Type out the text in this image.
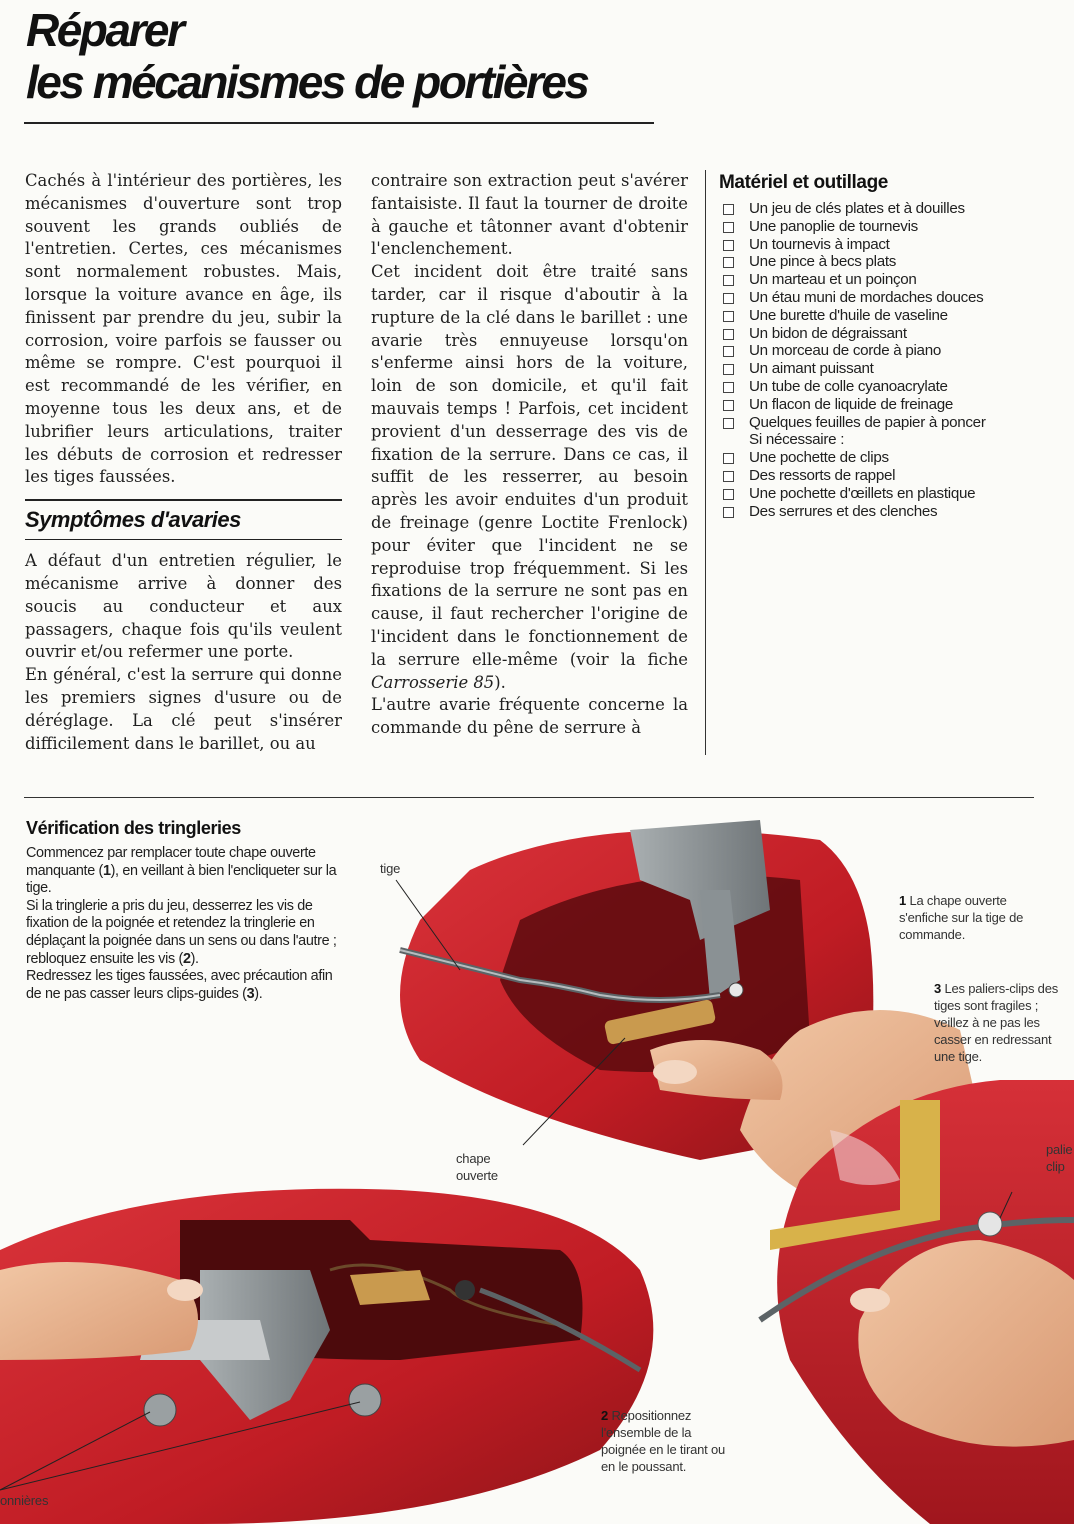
Réparer
les mécanismes de portières

Cachés à l'intérieur des portières, les mécanismes d'ouverture sont trop souvent les grands oubliés de l'entretien. Certes, ces mécanismes sont normalement robustes. Mais, lorsque la voiture avance en âge, ils finissent par prendre du jeu, subir la corrosion, voire parfois se fausser ou même se rompre. C'est pourquoi il est recommandé de les vérifier, en moyenne tous les deux ans, et de lubrifier leurs articulations, traiter les débuts de corrosion et redresser les tiges faussées.

Symptômes d'avaries

A défaut d'un entretien régulier, le mécanisme arrive à donner des soucis au conducteur et aux passagers, chaque fois qu'ils veulent ouvrir et/ou refermer une porte.

En général, c'est la serrure qui donne les premiers signes d'usure ou de déréglage. La clé peut s'insérer difficilement dans le barillet, ou au

contraire son extraction peut s'avérer fantaisiste. Il faut la tourner de droite à gauche et tâtonner avant d'obtenir l'enclenchement.

Cet incident doit être traité sans tarder, car il risque d'aboutir à la rupture de la clé dans le barillet : une avarie très ennuyeuse lorsqu'on s'enferme ainsi hors de la voiture, loin de son domicile, et qu'il fait mauvais temps ! Parfois, cet incident provient d'un desserrage des vis de fixation de la serrure. Dans ce cas, il suffit de les resserrer, au besoin après les avoir enduites d'un produit de freinage (genre Loctite Frenlock) pour éviter que l'incident ne se reproduise trop fréquemment. Si les fixations de la serrure ne sont pas en cause, il faut rechercher l'origine de l'incident dans le fonctionnement de la serrure elle-même (voir la fiche Carrosserie 85).

L'autre avarie fréquente concerne la commande du pêne de serrure à

Matériel et outillage
Un jeu de clés plates et à douilles
Une panoplie de tournevis
Un tournevis à impact
Une pince à becs plats
Un marteau et un poinçon
Un étau muni de mordaches douces
Une burette d'huile de vaseline
Un bidon de dégraissant
Un morceau de corde à piano
Un aimant puissant
Un tube de colle cyanoacrylate
Un flacon de liquide de freinage
Quelques feuilles de papier à poncer
Si nécessaire :
Une pochette de clips
Des ressorts de rappel
Une pochette d'œillets en plastique
Des serrures et des clenches
Vérification des tringleries

Commencez par remplacer toute chape ouverte manquante (1), en veillant à bien l'encliqueter sur la tige.

Si la tringlerie a pris du jeu, desserrez les vis de fixation de la poignée et retendez la tringlerie en déplaçant la poignée dans un sens ou dans l'autre ; rebloquez ensuite les vis (2).

Redressez les tiges faussées, avec précaution afin de ne pas casser leurs clips-guides (3).

tige
chape
ouverte
1 La chape ouverte s'enfiche sur la tige de commande.
3 Les paliers-clips des tiges sont fragiles ; veillez à ne pas les casser en redressant une tige.
palie
clip
2 Repositionnez l'ensemble de la poignée en le tirant ou en le poussant.
onnières
